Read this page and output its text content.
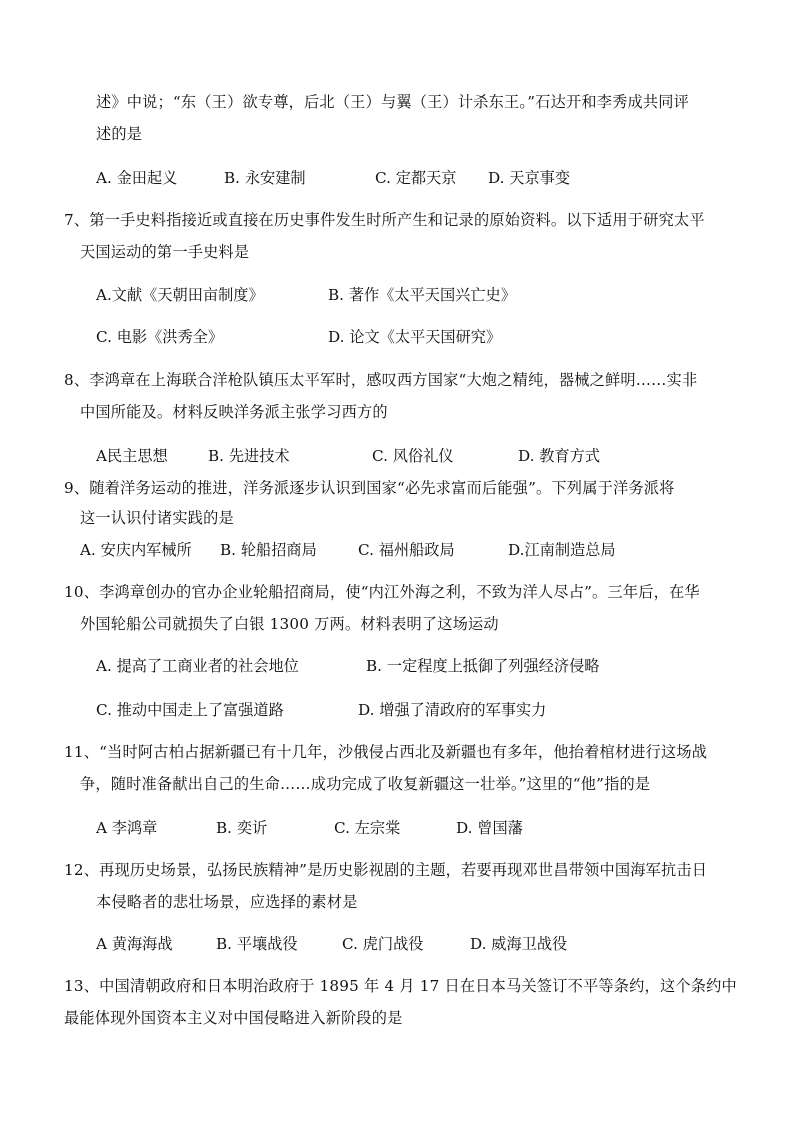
述》中说；“东（王）欲专尊，后北（王）与翼（王）计杀东王。”石达开和李秀成共同评
述的是
A. 金田起义	B. 永安建制	C. 定都天京 D. 天京事变
7、第一手史料指接近或直接在历史事件发生时所产生和记录的原始资料。以下适用于研究太平
天国运动的第一手史料是
A.文献《天朝田亩制度》	B. 著作《太平天国兴亡史》
C. 电影《洪秀全》	D. 论文《太平天国研究》
8、李鸿章在上海联合洋枪队镇压太平军时，感叹西方国家“大炮之精纯，器械之鲜明……实非
中国所能及。材料反映洋务派主张学习西方的
A民主思想	B. 先进技术	C. 风俗礼仪	D. 教育方式
9、随着洋务运动的推进，洋务派逐步认识到国家“必先求富而后能强”。下列属于洋务派将
这一认识付诸实践的是
A. 安庆内军械所 B. 轮船招商局	C. 福州船政局	D.江南制造总局
10、李鸿章创办的官办企业轮船招商局，使“内江外海之利，不致为洋人尽占”。三年后，在华
外国轮船公司就损失了白银 1300 万两。材料表明了这场运动
A. 提高了工商业者的社会地位	B. 一定程度上抵御了列强经济侵略
C. 推动中国走上了富强道路	D. 增强了清政府的军事实力
11、“当时阿古柏占据新疆已有十几年，沙俄侵占西北及新疆也有多年，他抬着棺材进行这场战
争，随时准备献出自己的生命……成功完成了收复新疆这一壮举。”这里的“他”指的是
A 李鸿章	B. 奕䜣	C. 左宗棠	D. 曾国藩
12、再现历史场景，弘扬民族精神”是历史影视剧的主题，若要再现邓世昌带领中国海军抗击日
本侵略者的悲壮场景，应选择的素材是
A 黄海海战	B. 平壤战役	C. 虎门战役	D. 威海卫战役
13、中国清朝政府和日本明治政府于 1895 年 4 月 17 日在日本马关签订不平等条约，这个条约中
最能体现外国资本主义对中国侵略进入新阶段的是
